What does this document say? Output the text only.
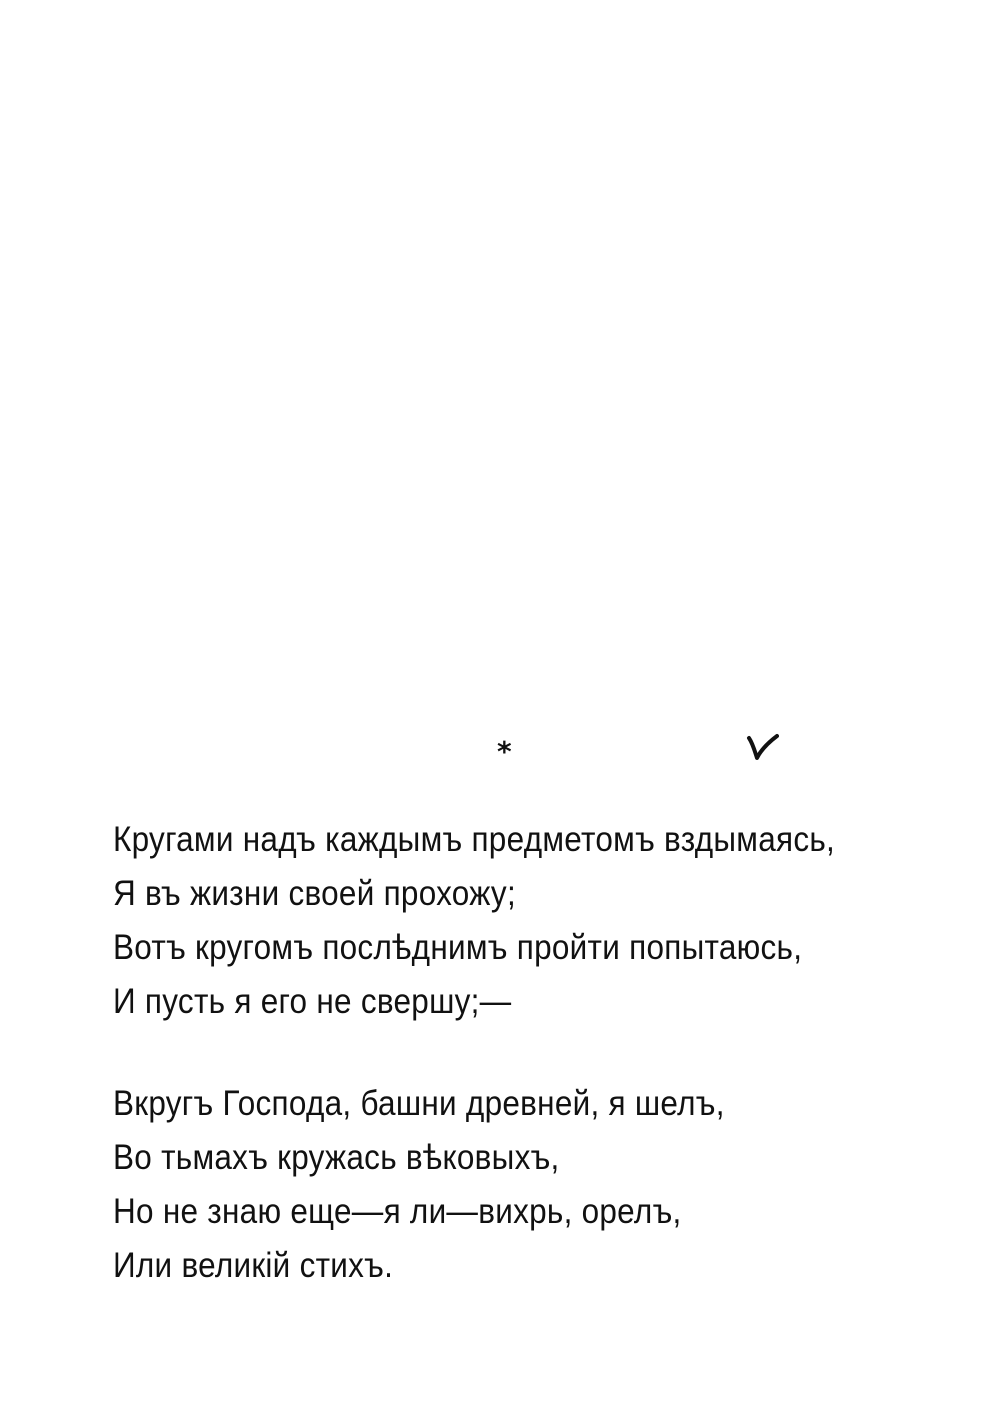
*
Кругами надъ каждымъ предметомъ вздымаясь,
Я въ жизни своей прохожу;
Вотъ кругомъ послѣднимъ пройти попытаюсь,
И пусть я его не свершу;—
Вкругъ Господа, башни древней, я шелъ,
Во тьмахъ кружась вѣковыхъ,
Но не знаю еще—я ли—вихрь, орелъ,
Или великій стихъ.
